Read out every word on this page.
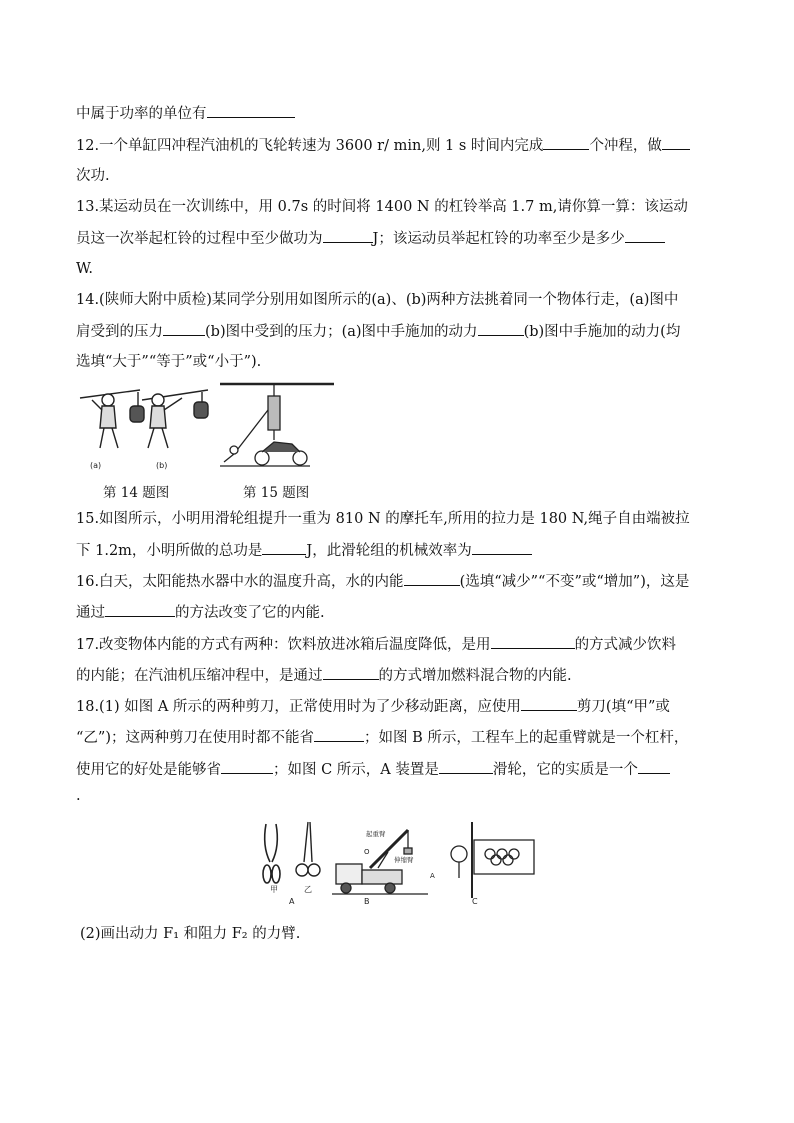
中属于功率的单位有
12.一个单缸四冲程汽油机的飞轮转速为 3600 r/ min,则 1 s 时间内完成	个冲程，做
次功.
13.某运动员在一次训练中，用 0.7s 的时间将 1400 N 的杠铃举高 1.7 m,请你算一算：该运动
员这一次举起杠铃的过程中至少做功为	J；该运动员举起杠铃的功率至少是多少
W.
14.(陕师大附中质检)某同学分别用如图所示的(a)、(b)两种方法挑着同一个物体行走，(a)图中
肩受到的压力	(b)图中受到的压力；(a)图中手施加的动力	(b)图中手施加的动力(均
选填“大于”“等于”或“小于”).
(a)	(b)
第 14 题图	第 15 题图
15.如图所示，小明用滑轮组提升一重为 810 N 的摩托车,所用的拉力是 180 N,绳子自由端被拉
下 1.2m，小明所做的总功是	J，此滑轮组的机械效率为
16.白天，太阳能热水器中水的温度升高，水的内能	(选填“减少”“不变”或“增加”)，这是
通过	的方法改变了它的内能.
17.改变物体内能的方式有两种：饮料放进冰箱后温度降低，是用	的方式减少饮料
的内能；在汽油机压缩冲程中，是通过	的方式增加燃料混合物的内能.
18.(1) 如图 A 所示的两种剪刀，正常使用时为了少移动距离，应使用	剪刀(填“甲”或
“乙”)；这两种剪刀在使用时都不能省	；如图 B 所示，工程车上的起重臂就是一个杠杆，
使用它的好处是能够省	；如图 C 所示，A 装置是	滑轮，它的实质是一个
.
甲	乙
A
起重臂
伸缩臂
O
B
A
C
(2)画出动力 F₁ 和阻力 F₂ 的力臂.
